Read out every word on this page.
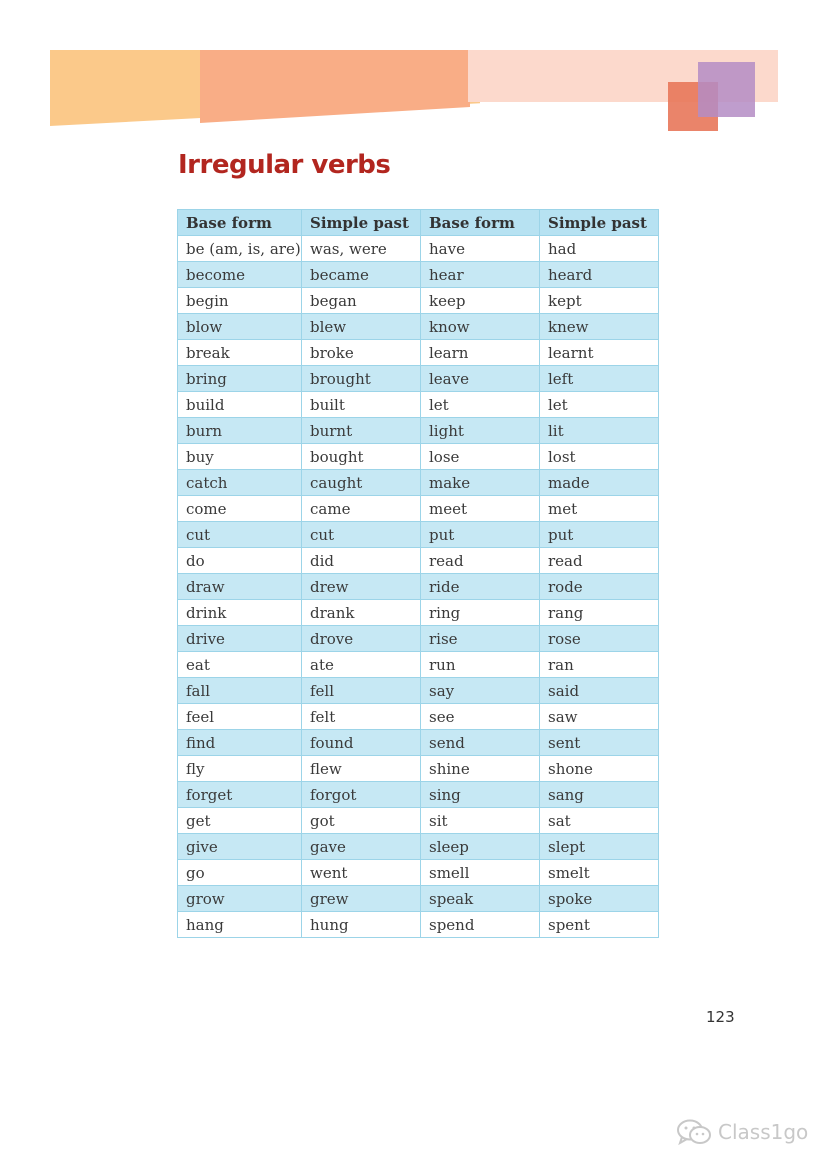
Irregular verbs
Base form	Simple past	Base form	Simple past
be (am, is, are)	was, were	have	had
become	became	hear	heard
begin	began	keep	kept
blow	blew	know	knew
break	broke	learn	learnt
bring	brought	leave	left
build	built	let	let
burn	burnt	light	lit
buy	bought	lose	lost
catch	caught	make	made
come	came	meet	met
cut	cut	put	put
do	did	read	read
draw	drew	ride	rode
drink	drank	ring	rang
drive	drove	rise	rose
eat	ate	run	ran
fall	fell	say	said
feel	felt	see	saw
find	found	send	sent
fly	flew	shine	shone
forget	forgot	sing	sang
get	got	sit	sat
give	gave	sleep	slept
go	went	smell	smelt
grow	grew	speak	spoke
hang	hung	spend	spent
123
Class1go
